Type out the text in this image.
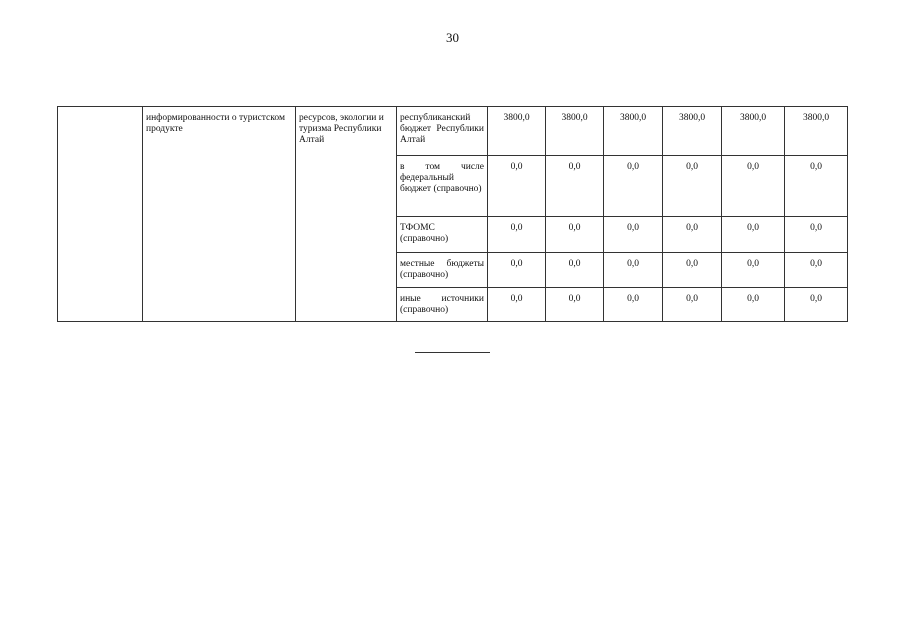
30
	информированности о туристском продукте	ресурсов, экологии и туризма Республики Алтай	республиканский бюджет Республики Алтай	3800,0	3800,0	3800,0	3800,0	3800,0	3800,0
			в том числе федеральный бюджет (справочно)	0,0	0,0	0,0	0,0	0,0	0,0
			ТФОМС (справочно)	0,0	0,0	0,0	0,0	0,0	0,0
			местные бюджеты (справочно)	0,0	0,0	0,0	0,0	0,0	0,0
			иные источники (справочно)	0,0	0,0	0,0	0,0	0,0	0,0
